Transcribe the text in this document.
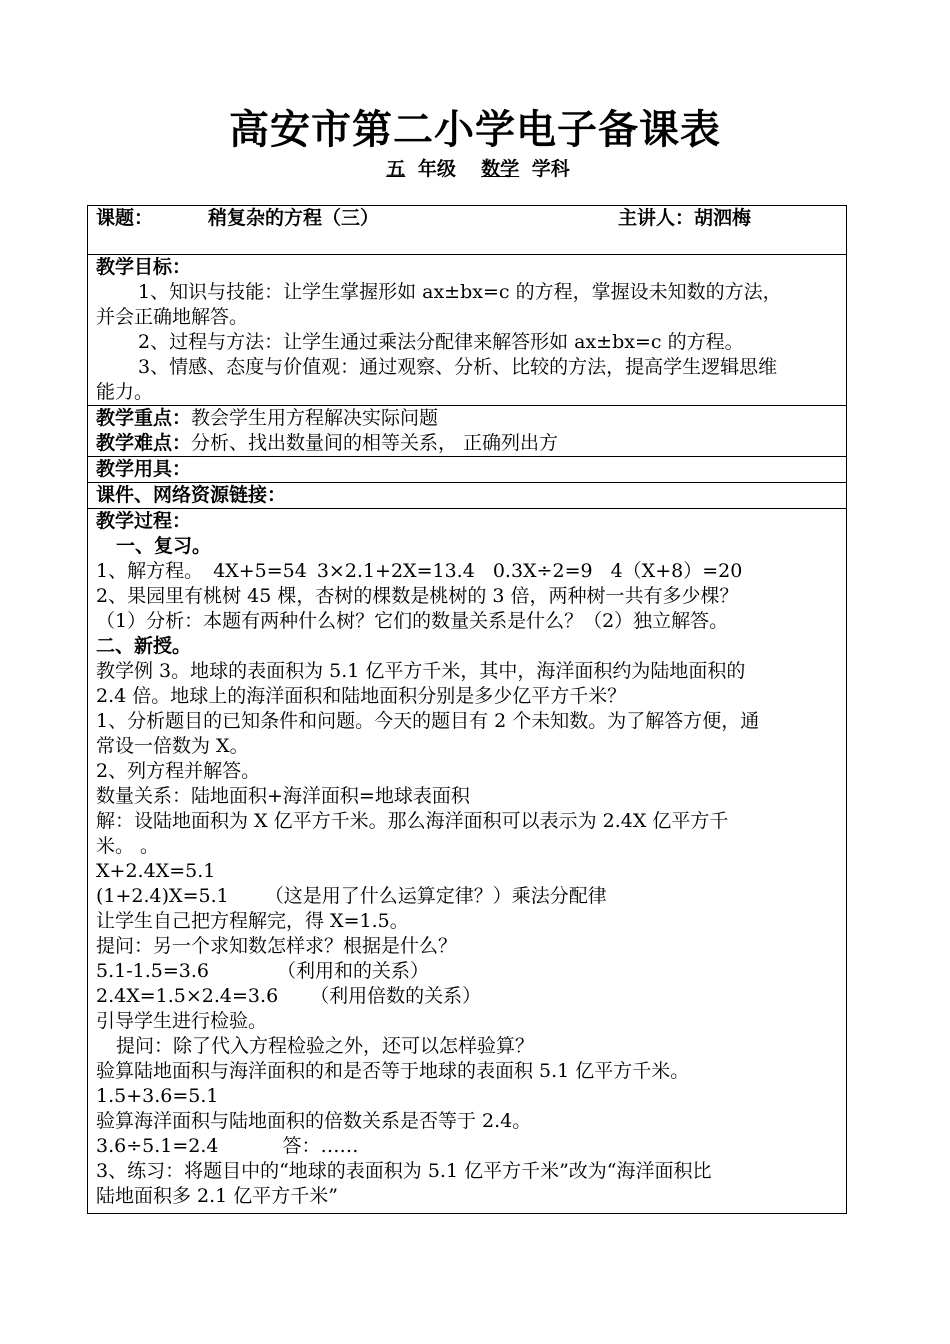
高安市第二小学电子备课表
五 年级 数学 学科
课题：	稍复杂的方程（三）	主讲人：胡泗梅

教学目标：
1、知识与技能：让学生掌握形如 ax±bx=c 的方程，掌握设未知数的方法，
并会正确地解答。
2、过程与方法：让学生通过乘法分配律来解答形如 ax±bx=c 的方程。
3、情感、态度与价值观：通过观察、分析、比较的方法，提高学生逻辑思维
能力。

教学重点：教会学生用方程解决实际问题
教学难点：分析、找出数量间的相等关系， 正确列出方

教学用具：

课件、网络资源链接：

教学过程：
一、复习。
1、解方程。 4X+5=54 3×2.1+2X=13.4 0.3X÷2=9 4（X+8）=20
2、果园里有桃树 45 棵，杏树的棵数是桃树的 3 倍，两种树一共有多少棵？
（1）分析：本题有两种什么树？它们的数量关系是什么？（2）独立解答。
二、新授。
教学例 3。地球的表面积为 5.1 亿平方千米，其中，海洋面积约为陆地面积的
2.4 倍。地球上的海洋面积和陆地面积分别是多少亿平方千米？
1、分析题目的已知条件和问题。今天的题目有 2 个未知数。为了解答方便，通
常设一倍数为 X。
2、列方程并解答。
数量关系：陆地面积+海洋面积=地球表面积
解：设陆地面积为 X 亿平方千米。那么海洋面积可以表示为 2.4X 亿平方千
米。 。
X+2.4X=5.1
(1+2.4)X=5.1 （这是用了什么运算定律？）乘法分配律
让学生自己把方程解完，得 X=1.5。
提问：另一个求知数怎样求？根据是什么？
5.1-1.5=3.6	（利用和的关系）
2.4X=1.5×2.4=3.6 （利用倍数的关系）
引导学生进行检验。
提问：除了代入方程检验之外，还可以怎样验算？
验算陆地面积与海洋面积的和是否等于地球的表面积 5.1 亿平方千米。
1.5+3.6=5.1
验算海洋面积与陆地面积的倍数关系是否等于 2.4。
3.6÷5.1=2.4	答：……
3、练习：将题目中的“地球的表面积为 5.1 亿平方千米”改为“海洋面积比
陆地面积多 2.1 亿平方千米”
